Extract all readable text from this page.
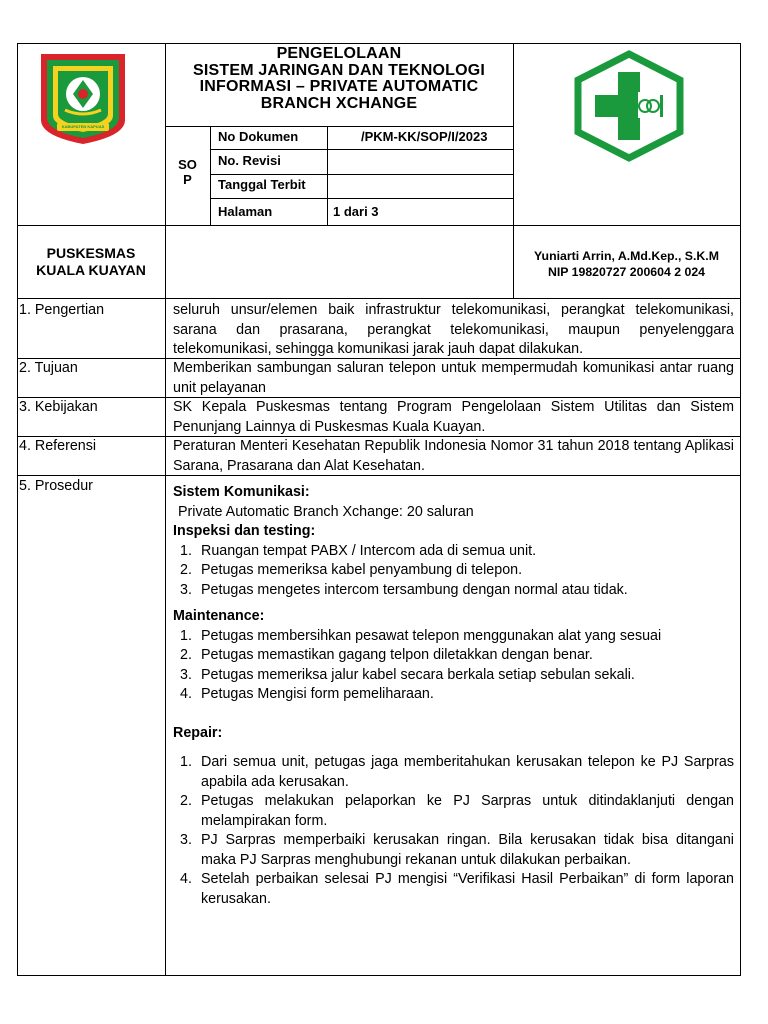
KABUPATEN KAPUAS
PENGELOLAAN
SISTEM JARINGAN DAN TEKNOLOGI
INFORMASI – PRIVATE AUTOMATIC
BRANCH XCHANGE
SO
P
No Dokumen	/PKM-KK/SOP/I/2023
No. Revisi
Tanggal Terbit
Halaman	1 dari 3
PUSKESMAS
KUALA KUAYAN
Yuniarti Arrin, A.Md.Kep., S.K.M
NIP 19820727 200604 2 024
1. Pengertian	seluruh unsur/elemen baik infrastruktur telekomunikasi, perangkat telekomunikasi, sarana dan prasarana, perangkat telekomunikasi, maupun penyelenggara telekomunikasi, sehingga komunikasi jarak jauh dapat dilakukan.
2. Tujuan	Memberikan sambungan saluran telepon untuk mempermudah komunikasi antar ruang unit pelayanan
3. Kebijakan	SK Kepala Puskesmas tentang Program Pengelolaan Sistem Utilitas dan Sistem Penunjang Lainnya di Puskesmas Kuala Kuayan.
4. Referensi	Peraturan Menteri Kesehatan Republik Indonesia Nomor 31 tahun 2018 tentang Aplikasi Sarana, Prasarana dan Alat Kesehatan.
5. Prosedur	Sistem Komunikasi:
Private Automatic Branch Xchange: 20 saluran
Inspeksi dan testing:
1. Ruangan tempat PABX / Intercom ada di semua unit.
2. Petugas memeriksa kabel penyambung di telepon.
3. Petugas mengetes intercom tersambung dengan normal atau tidak.
Maintenance:
1. Petugas membersihkan pesawat telepon menggunakan alat yang sesuai
2. Petugas memastikan gagang telpon diletakkan dengan benar.
3. Petugas memeriksa jalur kabel secara berkala setiap sebulan sekali.
4. Petugas Mengisi form pemeliharaan.
Repair:
1. Dari semua unit, petugas jaga memberitahukan kerusakan telepon ke PJ Sarpras apabila ada kerusakan.
2. Petugas melakukan pelaporkan ke PJ Sarpras untuk ditindaklanjuti dengan melampirakan form.
3. PJ Sarpras memperbaiki kerusakan ringan. Bila kerusakan tidak bisa ditangani maka PJ Sarpras menghubungi rekanan untuk dilakukan perbaikan.
4. Setelah perbaikan selesai PJ mengisi “Verifikasi Hasil Perbaikan” di form laporan kerusakan.
